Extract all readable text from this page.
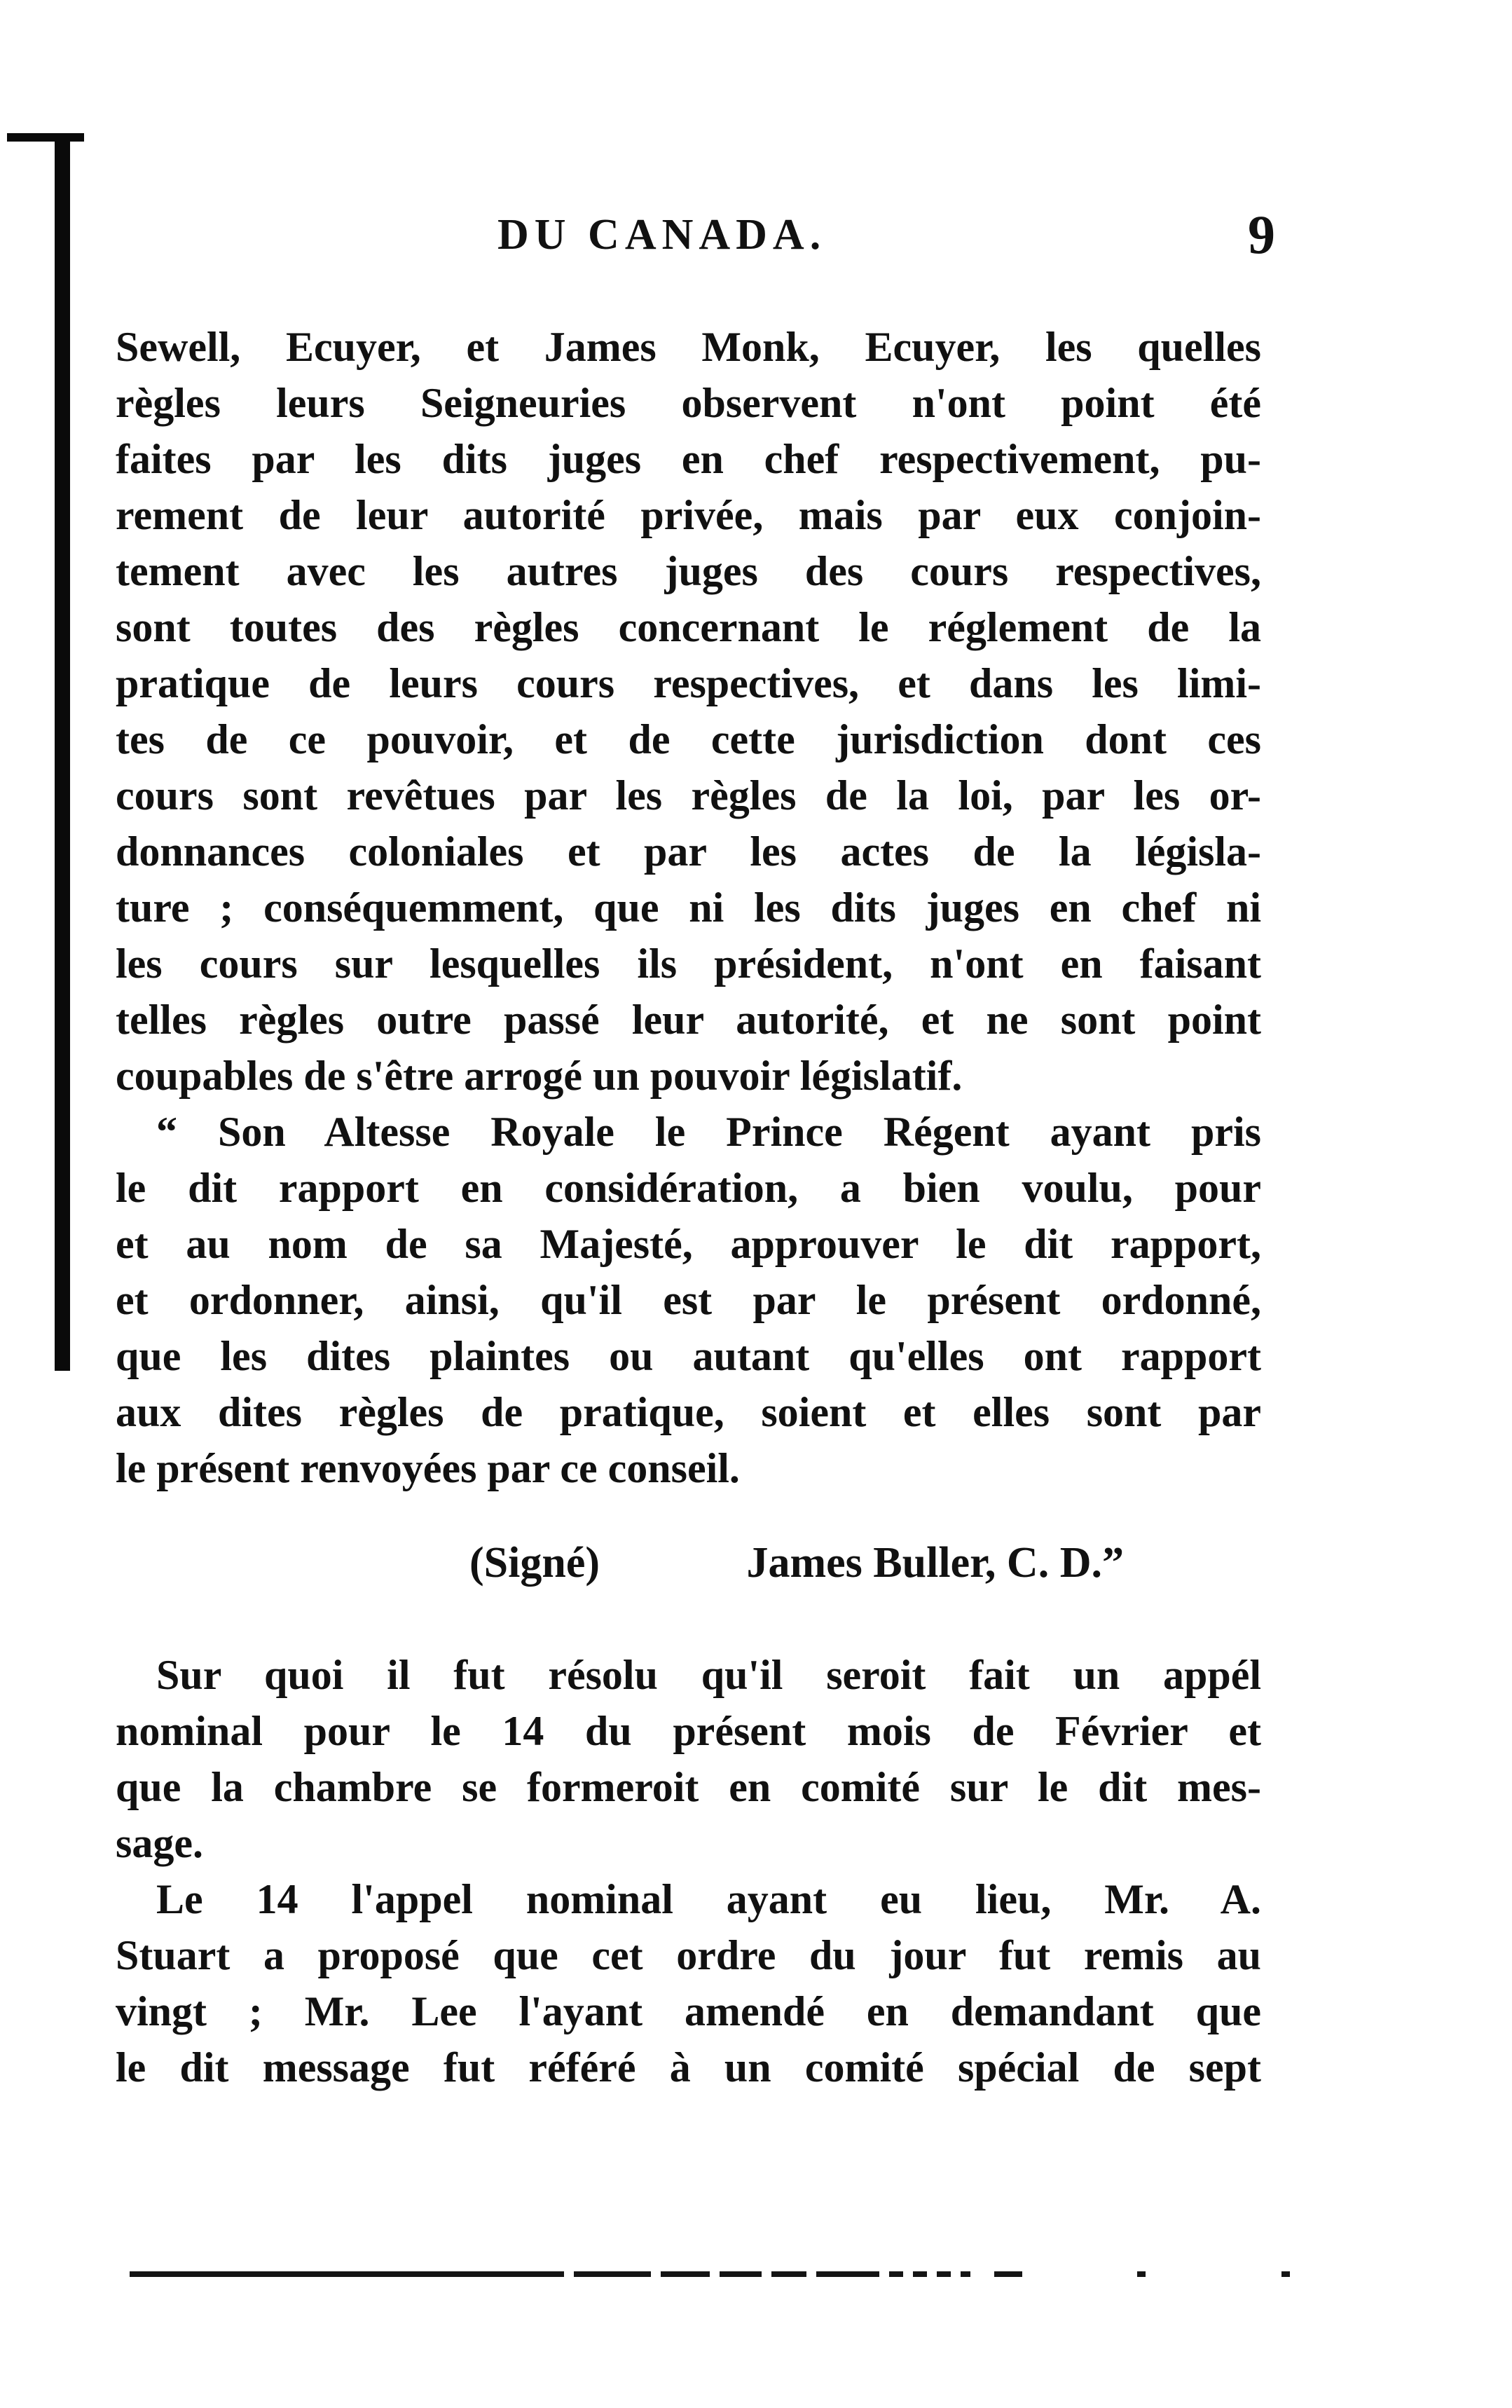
DU CANADA.	9
Sewell, Ecuyer, et James Monk, Ecuyer, les quelles
règles leurs Seigneuries observent n'ont point été
faites par les dits juges en chef respectivement, pu-
rement de leur autorité privée, mais par eux conjoin-
tement avec les autres juges des cours respectives,
sont toutes des règles concernant le réglement de la
pratique de leurs cours respectives, et dans les limi-
tes de ce pouvoir, et de cette jurisdiction dont ces
cours sont revêtues par les règles de la loi, par les or-
donnances coloniales et par les actes de la législa-
ture ; conséquemment, que ni les dits juges en chef ni
les cours sur lesquelles ils président, n'ont en faisant
telles règles outre passé leur autorité, et ne sont point
coupables de s'être arrogé un pouvoir législatif.
“ Son Altesse Royale le Prince Régent ayant pris
le dit rapport en considération, a bien voulu, pour
et au nom de sa Majesté, approuver le dit rapport,
et ordonner, ainsi, qu'il est par le présent ordonné,
que les dites plaintes ou autant qu'elles ont rapport
aux dites règles de pratique, soient et elles sont par
le présent renvoyées par ce conseil.
(Signé)	James Buller, C. D.”
Sur quoi il fut résolu qu'il seroit fait un appél
nominal pour le 14 du présent mois de Février et
que la chambre se formeroit en comité sur le dit mes-
sage.
Le 14 l'appel nominal ayant eu lieu, Mr. A.
Stuart a proposé que cet ordre du jour fut remis au
vingt ; Mr. Lee l'ayant amendé en demandant que
le dit message fut référé à un comité spécial de sept
